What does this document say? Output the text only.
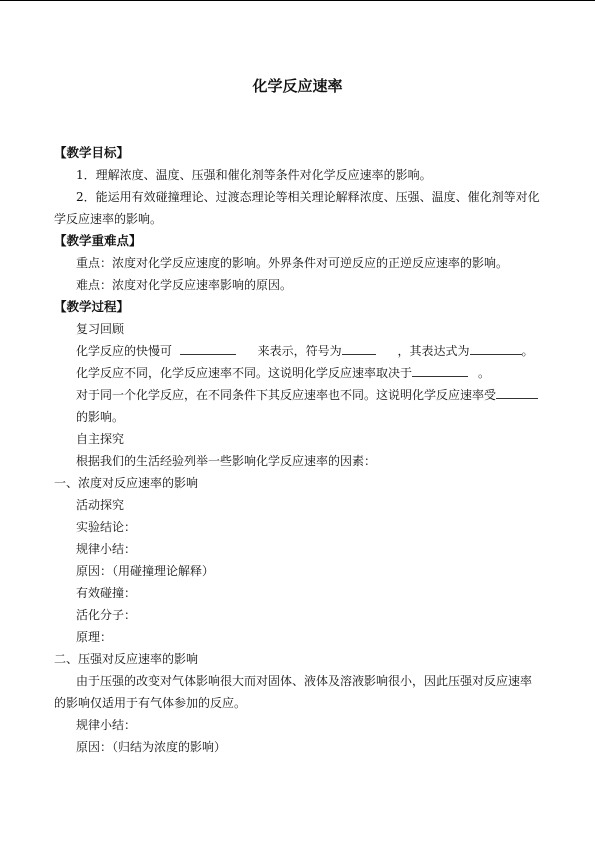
化学反应速率
【教学目标】
1．理解浓度、温度、压强和催化剂等条件对化学反应速率的影响。
2．能运用有效碰撞理论、过渡态理论等相关理论解释浓度、压强、温度、催化剂等对化
学反应速率的影响。
【教学重难点】
重点：浓度对化学反应速度的影响。外界条件对可逆反应的正逆反应速率的影响。
难点：浓度对化学反应速率影响的原因。
【教学过程】
复习回顾
化学反应的快慢可	来表示，符号为	，其表达式为	。
化学反应不同，化学反应速率不同。这说明化学反应速率取决于	。
对于同一个化学反应，在不同条件下其反应速率也不同。这说明化学反应速率受
的影响。
自主探究
根据我们的生活经验列举一些影响化学反应速率的因素：
一、浓度对反应速率的影响
活动探究
实验结论：
规律小结：
原因：（用碰撞理论解释）
有效碰撞：
活化分子：
原理：
二、压强对反应速率的影响
由于压强的改变对气体影响很大而对固体、液体及溶液影响很小，因此压强对反应速率
的影响仅适用于有气体参加的反应。
规律小结：
原因：（归结为浓度的影响）
